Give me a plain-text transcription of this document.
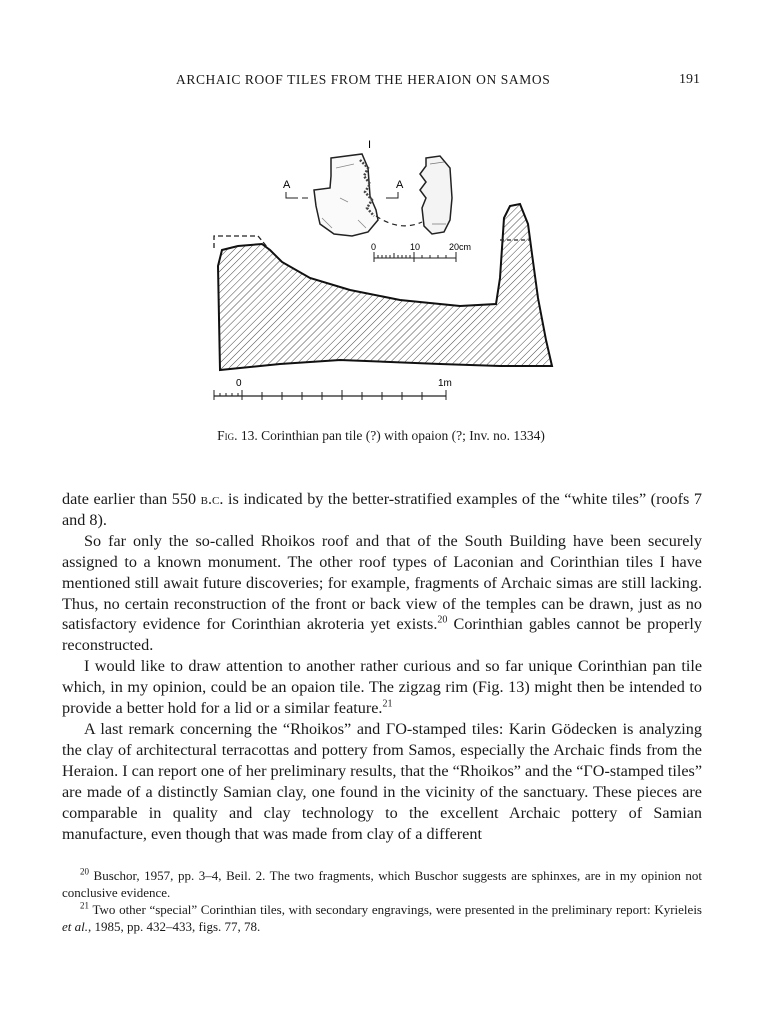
ARCHAIC ROOF TILES FROM THE HERAION ON SAMOS	191
I
A	A
0	10	20cm
0	1m
Fig. 13. Corinthian pan tile (?) with opaion (?; Inv. no. 1334)

date earlier than 550 b.c. is indicated by the better-stratified examples of the “white tiles” (roofs 7 and 8).

So far only the so-called Rhoikos roof and that of the South Building have been securely assigned to a known monument. The other roof types of Laconian and Corinthian tiles I have mentioned still await future discoveries; for example, fragments of Archaic simas are still lacking. Thus, no certain reconstruction of the front or back view of the temples can be drawn, just as no satisfactory evidence for Corinthian akroteria yet exists.$^{20}$ Corinthian gables cannot be properly reconstructed.

I would like to draw attention to another rather curious and so far unique Corinthian pan tile which, in my opinion, could be an opaion tile. The zigzag rim (Fig. 13) might then be intended to provide a better hold for a lid or a similar feature.$^{21}$

A last remark concerning the “Rhoikos” and ΓO-stamped tiles: Karin Gödecken is analyzing the clay of architectural terracottas and pottery from Samos, especially the Archaic finds from the Heraion. I can report one of her preliminary results, that the “Rhoikos” and the “ΓO-stamped tiles” are made of a distinctly Samian clay, one found in the vicinity of the sanctuary. These pieces are comparable in quality and clay technology to the excellent Archaic pottery of Samian manufacture, even though that was made from clay of a different

$^{20}$ Buschor, 1957, pp. 3–4, Beil. 2. The two fragments, which Buschor suggests are sphinxes, are in my opinion not conclusive evidence.

$^{21}$ Two other “special” Corinthian tiles, with secondary engravings, were presented in the preliminary report: Kyrieleis et al., 1985, pp. 432–433, figs. 77, 78.
